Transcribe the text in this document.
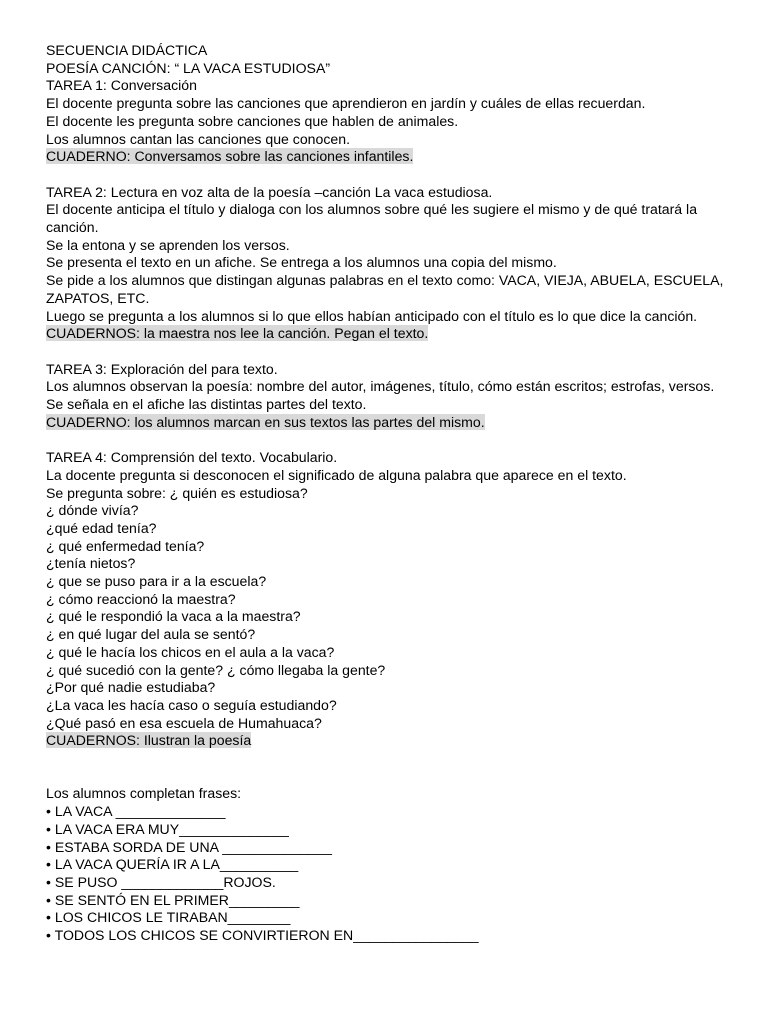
SECUENCIA DIDÁCTICA
POESÍA CANCIÓN: “ LA VACA ESTUDIOSA”
TAREA 1: Conversación
El docente pregunta sobre las canciones que aprendieron en jardín y cuáles de ellas recuerdan.
El docente les pregunta sobre canciones que hablen de animales.
Los alumnos cantan las canciones que conocen.
CUADERNO: Conversamos sobre las canciones infantiles.
TAREA 2: Lectura en voz alta de la poesía –canción La vaca estudiosa.
El docente anticipa el título y dialoga con los alumnos sobre qué les sugiere el mismo y de qué tratará la canción.
Se la entona y se aprenden los versos.
Se presenta el texto en un afiche. Se entrega a los alumnos una copia del mismo.
Se pide a los alumnos que distingan algunas palabras en el texto como: VACA, VIEJA, ABUELA, ESCUELA, ZAPATOS, ETC.
Luego se pregunta a los alumnos si lo que ellos habían anticipado con el título es lo que dice la canción.
CUADERNOS: la maestra nos lee la canción. Pegan el texto.
TAREA 3: Exploración del para texto.
Los alumnos observan la poesía: nombre del autor, imágenes, título, cómo están escritos; estrofas, versos.
Se señala en el afiche las distintas partes del texto.
CUADERNO: los alumnos marcan en sus textos las partes del mismo.
TAREA 4: Comprensión del texto. Vocabulario.
La docente pregunta si desconocen el significado de alguna palabra que aparece en el texto.
Se pregunta sobre: ¿ quién es estudiosa?
¿ dónde vivía?
¿qué edad tenía?
¿ qué enfermedad tenía?
¿tenía nietos?
¿ que se puso para ir a la escuela?
¿ cómo reaccionó la maestra?
¿ qué le respondió la vaca a la maestra?
¿ en qué lugar del aula se sentó?
¿ qué le hacía los chicos en el aula a la vaca?
¿ qué sucedió con la gente? ¿ cómo llegaba la gente?
¿Por qué nadie estudiaba?
¿La vaca les hacía caso o seguía estudiando?
¿Qué pasó en esa escuela de Humahuaca?
CUADERNOS: Ilustran la poesía
Los alumnos completan frases:
• LA VACA ______________
• LA VACA ERA MUY______________
• ESTABA SORDA DE UNA ______________
• LA VACA QUERÍA IR A LA__________
• SE PUSO _____________ROJOS.
• SE SENTÓ EN EL PRIMER_________
• LOS CHICOS LE TIRABAN________
• TODOS LOS CHICOS SE CONVIRTIERON EN________________
